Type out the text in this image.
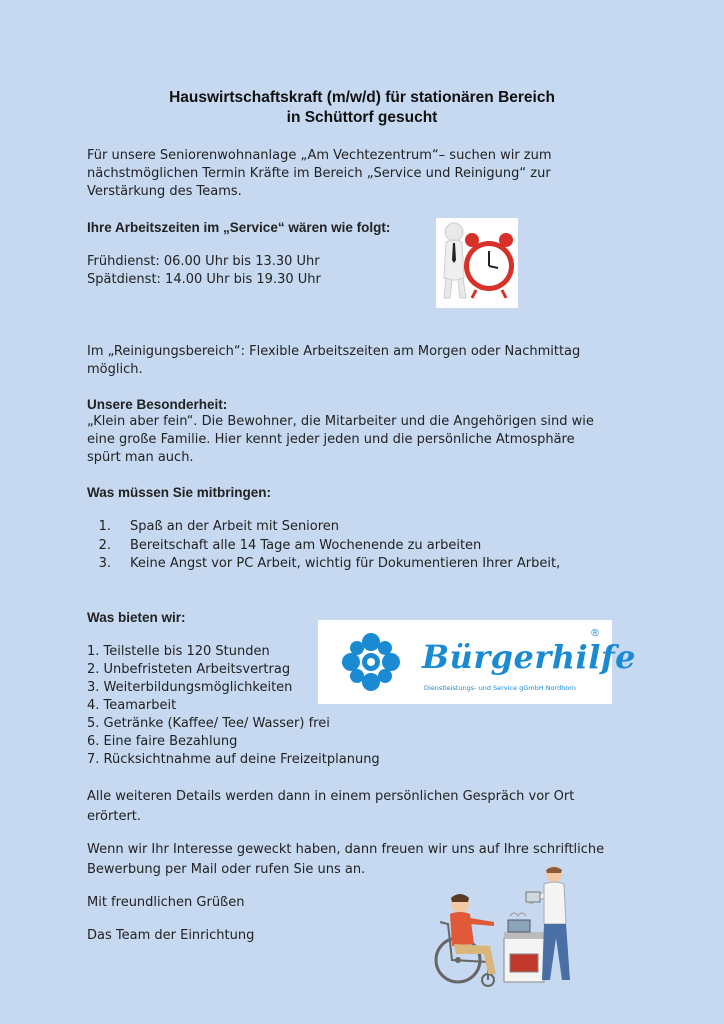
Hauswirtschaftskraft (m/w/d) für stationären Bereich
in Schüttorf gesucht
Für unsere Seniorenwohnanlage „Am Vechtezentrum“– suchen wir zum
nächstmöglichen Termin Kräfte im Bereich „Service und Reinigung“ zur
Verstärkung des Teams.
Ihre Arbeitszeiten im „Service“ wären wie folgt:
Frühdienst: 06.00 Uhr bis 13.30 Uhr
Spätdienst: 14.00 Uhr bis 19.30 Uhr
Im „Reinigungsbereich“: Flexible Arbeitszeiten am Morgen oder Nachmittag
möglich.
Unsere Besonderheit:
„Klein aber fein“. Die Bewohner, die Mitarbeiter und die Angehörigen sind wie
eine große Familie. Hier kennt jeder jeden und die persönliche Atmosphäre
spürt man auch.
Was müssen Sie mitbringen:
1. Spaß an der Arbeit mit Senioren
2. Bereitschaft alle 14 Tage am Wochenende zu arbeiten
3. Keine Angst vor PC Arbeit, wichtig für Dokumentieren Ihrer Arbeit,
Was bieten wir:
1. Teilstelle bis 120 Stunden
2. Unbefristeten Arbeitsvertrag
3. Weiterbildungsmöglichkeiten
4. Teamarbeit
5. Getränke (Kaffee/ Tee/ Wasser) frei
6. Eine faire Bezahlung
7. Rücksichtnahme auf deine Freizeitplanung
Bürgerhilfe
®
Dienstleistungs- und Service gGmbH Nordhorn
Alle weiteren Details werden dann in einem persönlichen Gespräch vor Ort
erörtert.
Wenn wir Ihr Interesse geweckt haben, dann freuen wir uns auf Ihre schriftliche
Bewerbung per Mail oder rufen Sie uns an.
Mit freundlichen Grüßen
Das Team der Einrichtung
